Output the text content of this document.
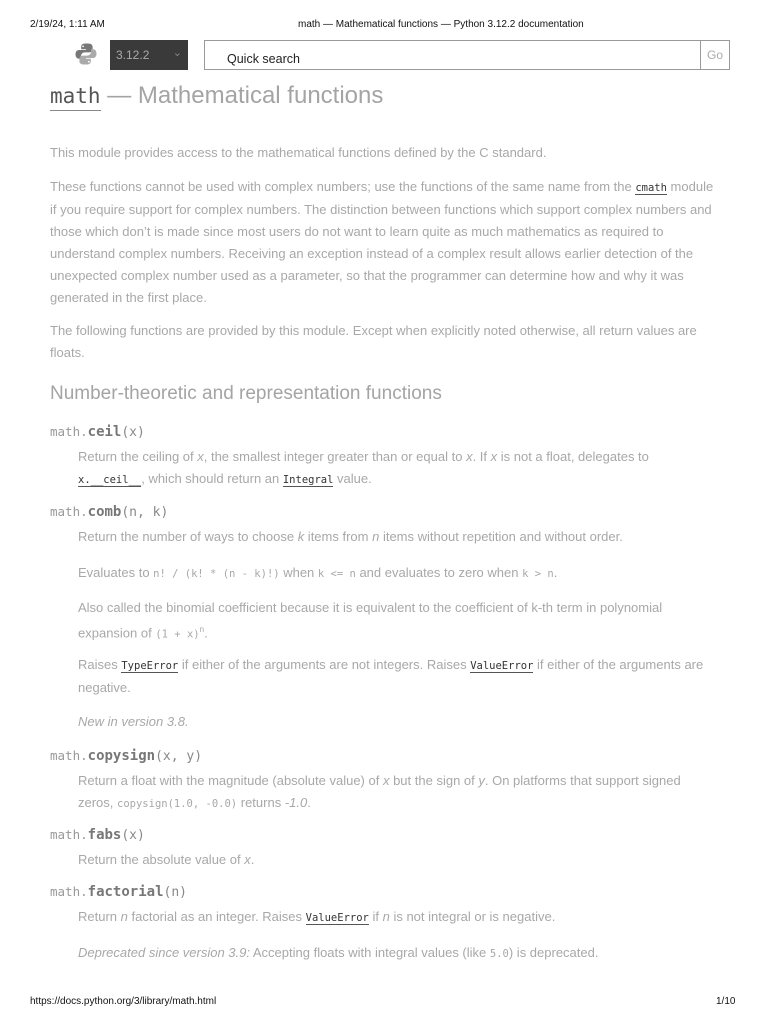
2/19/24, 1:11 AM	math — Mathematical functions — Python 3.12.2 documentation
3.12.2 ⌄
Quick search	Go
math — Mathematical functions
This module provides access to the mathematical functions defined by the C standard.
These functions cannot be used with complex numbers; use the functions of the same name from the cmath module if you require support for complex numbers. The distinction between functions which support complex numbers and those which don’t is made since most users do not want to learn quite as much mathematics as required to understand complex numbers. Receiving an exception instead of a complex result allows earlier detection of the unexpected complex number used as a parameter, so that the programmer can determine how and why it was generated in the first place.
The following functions are provided by this module. Except when explicitly noted otherwise, all return values are floats.
Number-theoretic and representation functions
math.ceil(x)
Return the ceiling of x, the smallest integer greater than or equal to x. If x is not a float, delegates to x.__ceil__, which should return an Integral value.
math.comb(n, k)
Return the number of ways to choose k items from n items without repetition and without order.
Evaluates to n! / (k! * (n - k)!) when k <= n and evaluates to zero when k > n.
Also called the binomial coefficient because it is equivalent to the coefficient of k-th term in polynomial expansion of $(1 + x)^n$.
Raises TypeError if either of the arguments are not integers. Raises ValueError if either of the arguments are negative.
New in version 3.8.
math.copysign(x, y)
Return a float with the magnitude (absolute value) of x but the sign of y. On platforms that support signed zeros, copysign(1.0, -0.0) returns -1.0.
math.fabs(x)
Return the absolute value of x.
math.factorial(n)
Return n factorial as an integer. Raises ValueError if n is not integral or is negative.
Deprecated since version 3.9: Accepting floats with integral values (like 5.0) is deprecated.
https://docs.python.org/3/library/math.html	1/10
